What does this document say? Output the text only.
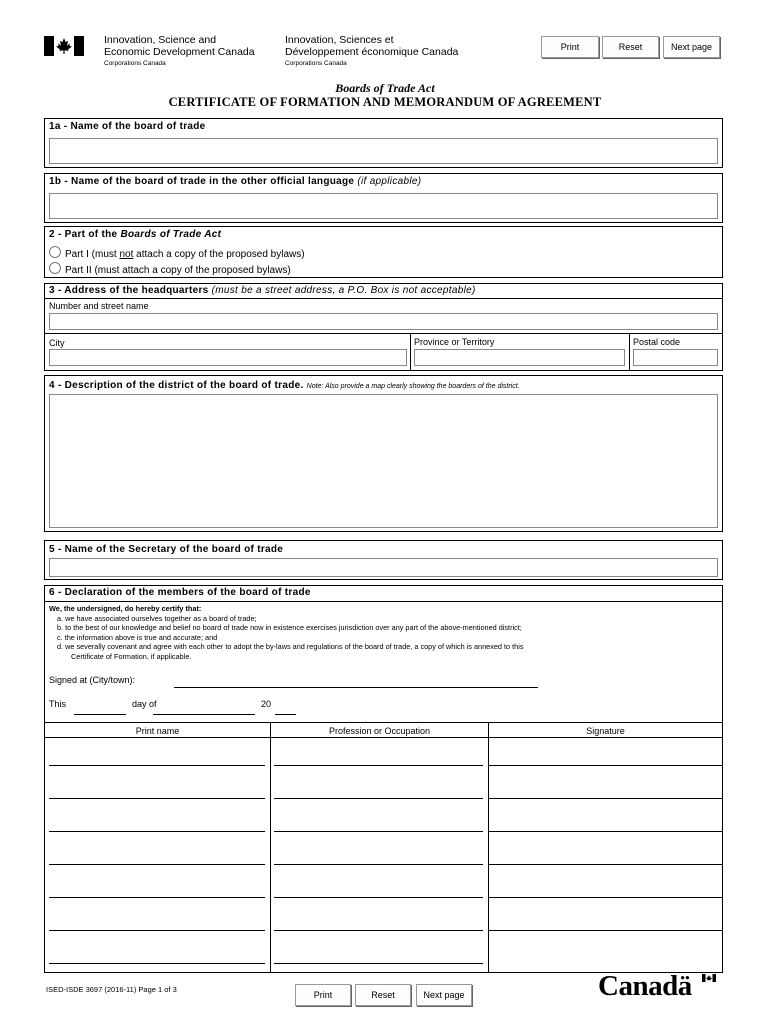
Innovation, Science and
Economic Development Canada
Corporations Canada
Innovation, Sciences et
Développement économique Canada
Corporations Canada
Print	Reset	Next page
Boards of Trade Act
CERTIFICATE OF FORMATION AND MEMORANDUM OF AGREEMENT
1a - Name of the board of trade
1b - Name of the board of trade in the other official language (if applicable)
2 - Part of the Boards of Trade Act
Part I (must not attach a copy of the proposed bylaws)
Part II (must attach a copy of the proposed bylaws)
3 - Address of the headquarters (must be a street address, a P.O. Box is not acceptable)
Number and street name
City	Province or Territory	Postal code
4 - Description of the district of the board of trade. Note: Also provide a map clearly showing the boarders of the district.
5 - Name of the Secretary of the board of trade
6 - Declaration of the members of the board of trade
We, the undersigned, do hereby certify that:
a. we have associated ourselves together as a board of trade;
b. to the best of our knowledge and belief no board of trade now in existence exercises jurisdiction over any part of the above-mentioned district;
c. the information above is true and accurate; and
d. we severally covenant and agree with each other to adopt the by-laws and regulations of the board of trade, a copy of which is annexed to this
Certificate of Formation, if applicable.
Signed at (City/town):
This	day of	20
Print name	Profession or Occupation	Signature
ISED-ISDE 3697 (2016-11) Page 1 of 3
Print	Reset	Next page	Canadä
